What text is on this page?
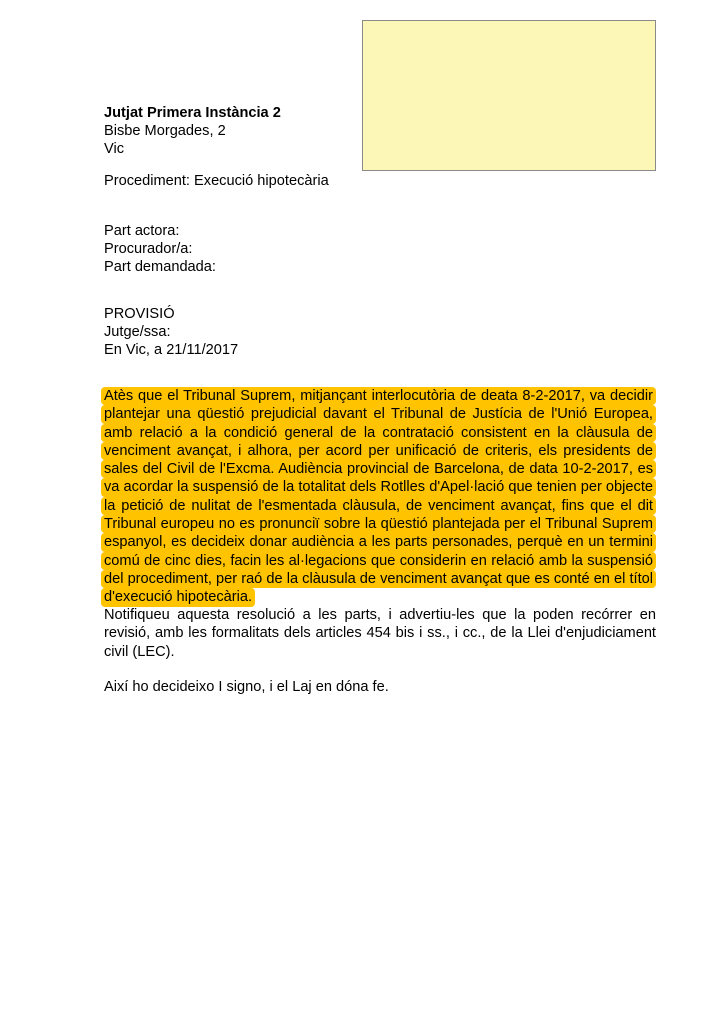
Jutjat Primera Instància 2
Bisbe Morgades, 2
Vic
Procediment: Execució hipotecària
Part actora:
Procurador/a:
Part demandada:
PROVISIÓ
Jutge/ssa:
En Vic, a 21/11/2017
Atès que el Tribunal Suprem, mitjançant interlocutòria de deata 8-2-2017, va decidir
plantejar una qüestió prejudicial davant el Tribunal de Justícia de l'Unió Europea,
amb relació a la condició general de la contratació consistent en la clàusula de
venciment avançat, i alhora, per acord per unificació de criteris, els presidents de
sales del Civil de l'Excma. Audiència provincial de Barcelona, de data 10-2-2017, es
va acordar la suspensió de la totalitat dels Rotlles d'Apel·lació que tenien per objecte
la petició de nulitat de l'esmentada clàusula, de venciment avançat, fins que el dit
Tribunal europeu no es pronunciï sobre la qüestió plantejada per el Tribunal Suprem
espanyol, es decideix donar audiència a les parts personades, perquè en un termini
comú de cinc dies, facin les al·legacions que considerin en relació amb la suspensió
del procediment, per raó de la clàusula de venciment avançat que es conté en el títol
d'execució hipotecària.
Notifiqueu aquesta resolució a les parts, i advertiu-les que la poden recórrer en
revisió, amb les formalitats dels articles 454 bis i ss., i cc., de la Llei d'enjudiciament
civil (LEC).
Així ho decideixo I signo, i el Laj en dóna fe.
